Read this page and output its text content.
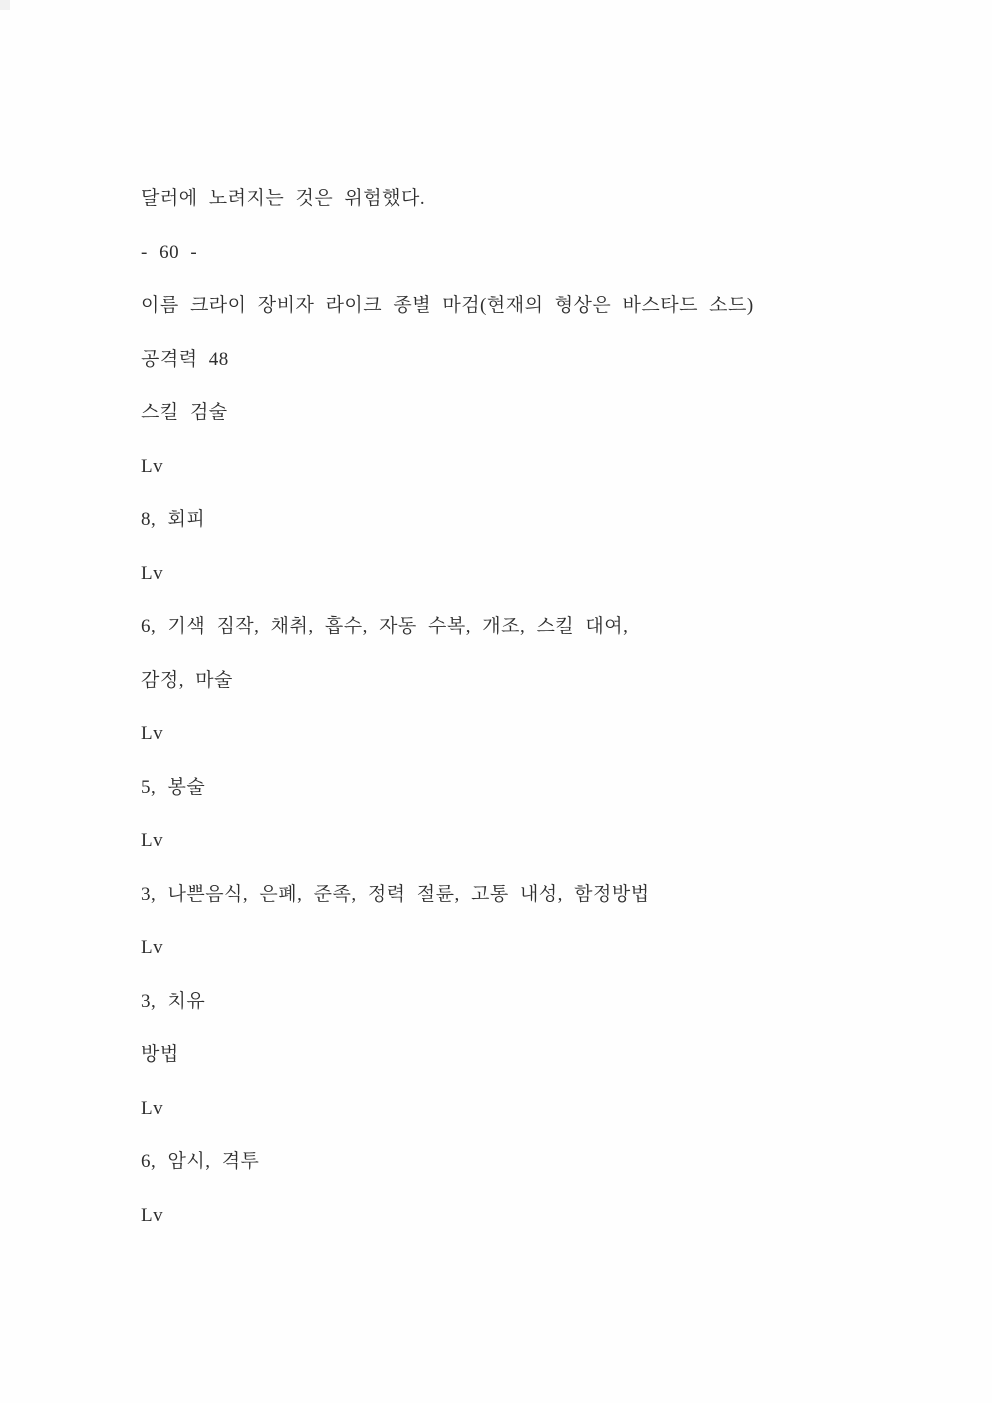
달러에 노려지는 것은 위험했다.

- 60 -

이름 크라이 장비자 라이크 종별 마검(현재의 형상은 바스타드 소드)

공격력 48

스킬 검술

Lv

8, 회피

Lv

6, 기색 짐작, 채취, 흡수, 자동 수복, 개조, 스킬 대여,

감정, 마술

Lv

5, 봉술

Lv

3, 나쁜음식, 은폐, 준족, 정력 절륜, 고통 내성, 함정방법

Lv

3, 치유

방법

Lv

6, 암시, 격투

Lv
